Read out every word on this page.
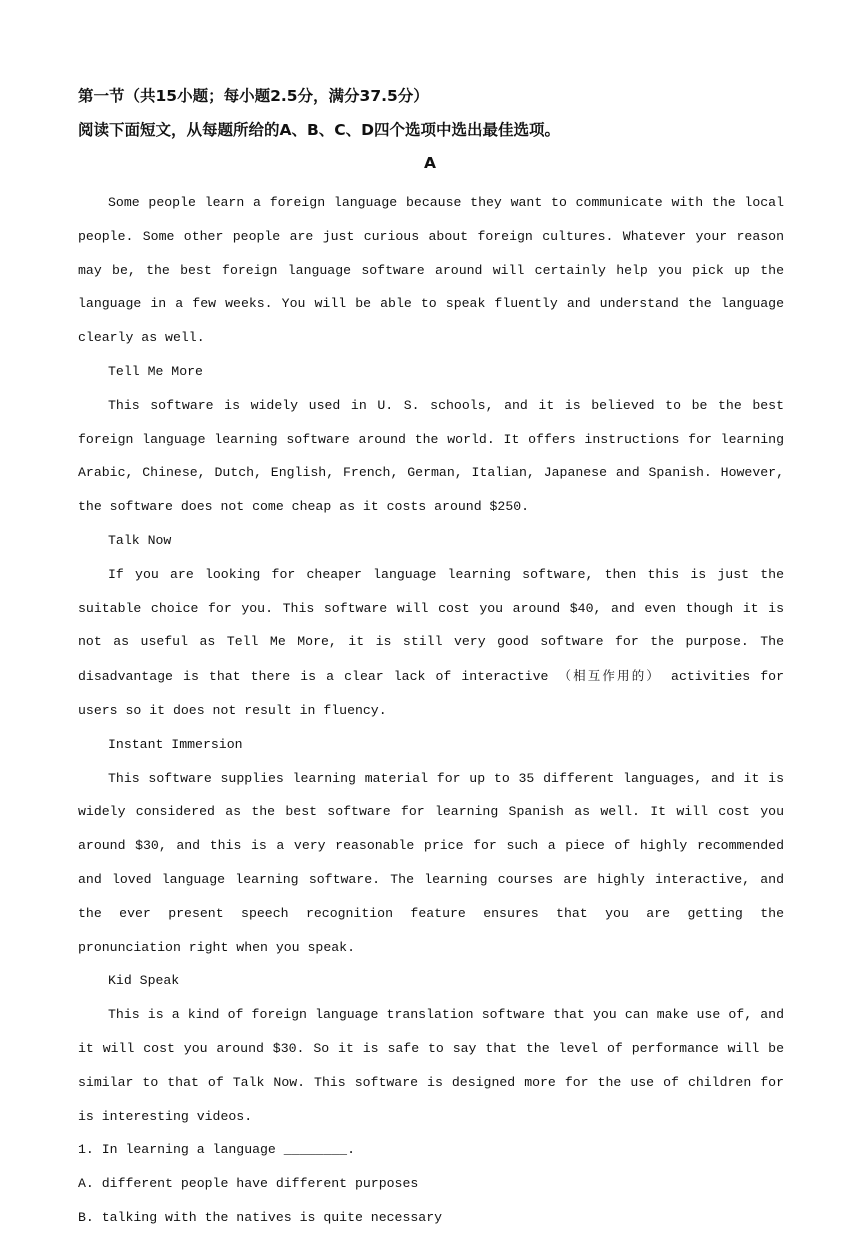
第一节（共15小题；每小题2.5分，满分37.5分）
阅读下面短文，从每题所给的A、B、C、D四个选项中选出最佳选项。
A

Some people learn a foreign language because they want to communicate with the local people. Some other people are just curious about foreign cultures. Whatever your reason may be, the best foreign language software around will certainly help you pick up the language in a few weeks. You will be able to speak fluently and understand the language clearly as well.

Tell Me More

This software is widely used in U. S. schools, and it is believed to be the best foreign language learning software around the world. It offers instructions for learning Arabic, Chinese, Dutch, English, French, German, Italian, Japanese and Spanish. However, the software does not come cheap as it costs around $250.

Talk Now

If you are looking for cheaper language learning software, then this is just the suitable choice for you. This software will cost you around $40, and even though it is not as useful as Tell Me More, it is still very good software for the purpose. The disadvantage is that there is a clear lack of interactive （相互作用的） activities for users so it does not result in fluency.

Instant Immersion

This software supplies learning material for up to 35 different languages, and it is widely considered as the best software for learning Spanish as well. It will cost you around $30, and this is a very reasonable price for such a piece of highly recommended and loved language learning software. The learning courses are highly interactive, and the ever present speech recognition feature ensures that you are getting the pronunciation right when you speak.

Kid Speak

This is a kind of foreign language translation software that you can make use of, and it will cost you around $30. So it is safe to say that the level of performance will be similar to that of Talk Now. This software is designed more for the use of children for is interesting videos.

1. In learning a language ________.

A. different people have different purposes

B. talking with the natives is quite necessary
